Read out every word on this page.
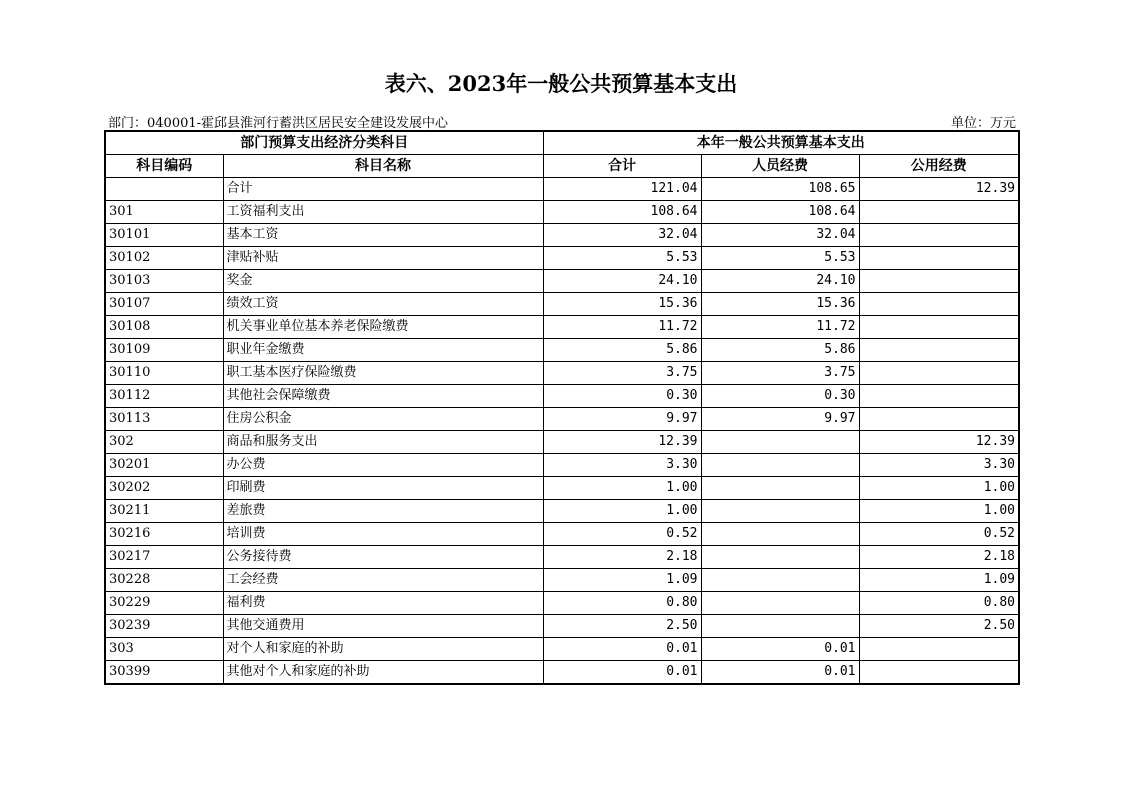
表六、2023年一般公共预算基本支出
部门：040001-霍邱县淮河行蓄洪区居民安全建设发展中心	单位：万元
部门预算支出经济分类科目		本年一般公共预算基本支出		
科目编码	科目名称	合计	人员经费	公用经费
	合计	121.04	108.65	12.39
301	工资福利支出	108.64	108.64	
30101	基本工资	32.04	32.04	
30102	津贴补贴	5.53	5.53	
30103	奖金	24.10	24.10	
30107	绩效工资	15.36	15.36	
30108	机关事业单位基本养老保险缴费	11.72	11.72	
30109	职业年金缴费	5.86	5.86	
30110	职工基本医疗保险缴费	3.75	3.75	
30112	其他社会保障缴费	0.30	0.30	
30113	住房公积金	9.97	9.97	
302	商品和服务支出	12.39		12.39
30201	办公费	3.30		3.30
30202	印刷费	1.00		1.00
30211	差旅费	1.00		1.00
30216	培训费	0.52		0.52
30217	公务接待费	2.18		2.18
30228	工会经费	1.09		1.09
30229	福利费	0.80		0.80
30239	其他交通费用	2.50		2.50
303	对个人和家庭的补助	0.01	0.01	
30399	其他对个人和家庭的补助	0.01	0.01	
